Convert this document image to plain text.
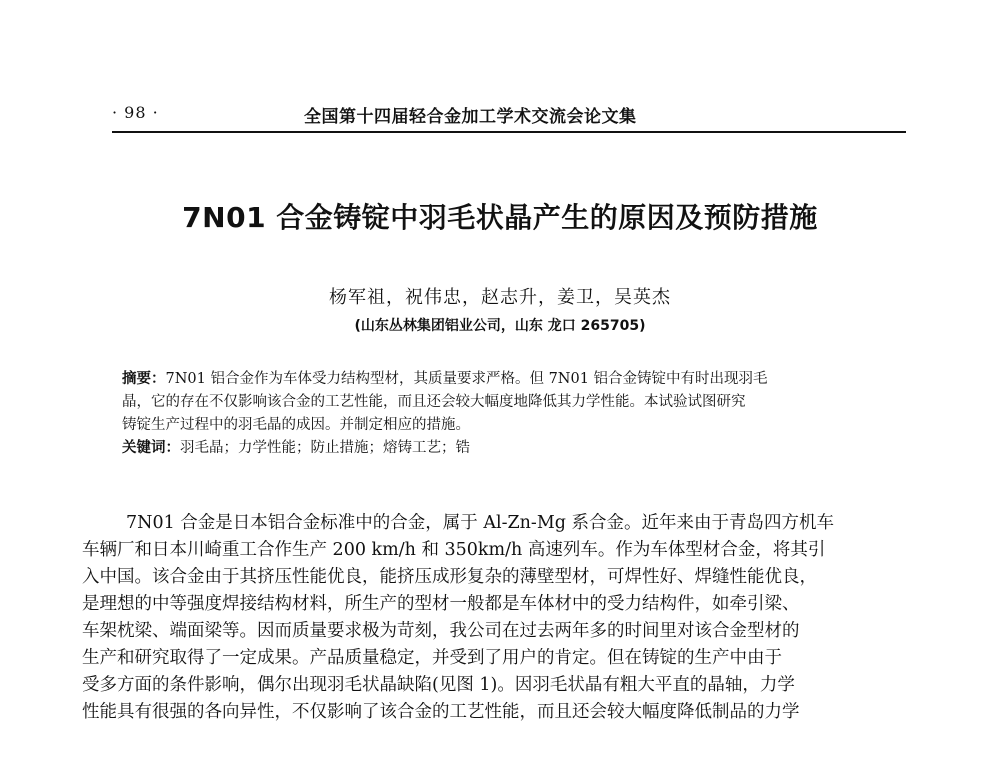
· 98 ·	全国第十四届轻合金加工学术交流会论文集
7N01 合金铸锭中羽毛状晶产生的原因及预防措施
杨军祖，祝伟忠，赵志升，姜卫，吴英杰
(山东丛林集团铝业公司，山东 龙口 265705)
摘要：7N01 铝合金作为车体受力结构型材，其质量要求严格。但 7N01 铝合金铸锭中有时出现羽毛
晶，它的存在不仅影响该合金的工艺性能，而且还会较大幅度地降低其力学性能。本试验试图研究
铸锭生产过程中的羽毛晶的成因。并制定相应的措施。
关键词：羽毛晶；力学性能；防止措施；熔铸工艺；锆
7N01 合金是日本铝合金标准中的合金，属于 Al-Zn-Mg 系合金。近年来由于青岛四方机车
车辆厂和日本川崎重工合作生产 200 km/h 和 350km/h 高速列车。作为车体型材合金，将其引
入中国。该合金由于其挤压性能优良，能挤压成形复杂的薄壁型材，可焊性好、焊缝性能优良，
是理想的中等强度焊接结构材料，所生产的型材一般都是车体材中的受力结构件，如牵引梁、
车架枕梁、端面梁等。因而质量要求极为苛刻，我公司在过去两年多的时间里对该合金型材的
生产和研究取得了一定成果。产品质量稳定，并受到了用户的肯定。但在铸锭的生产中由于
受多方面的条件影响，偶尔出现羽毛状晶缺陷(见图 1)。因羽毛状晶有粗大平直的晶轴，力学
性能具有很强的各向异性，不仅影响了该合金的工艺性能，而且还会较大幅度降低制品的力学
